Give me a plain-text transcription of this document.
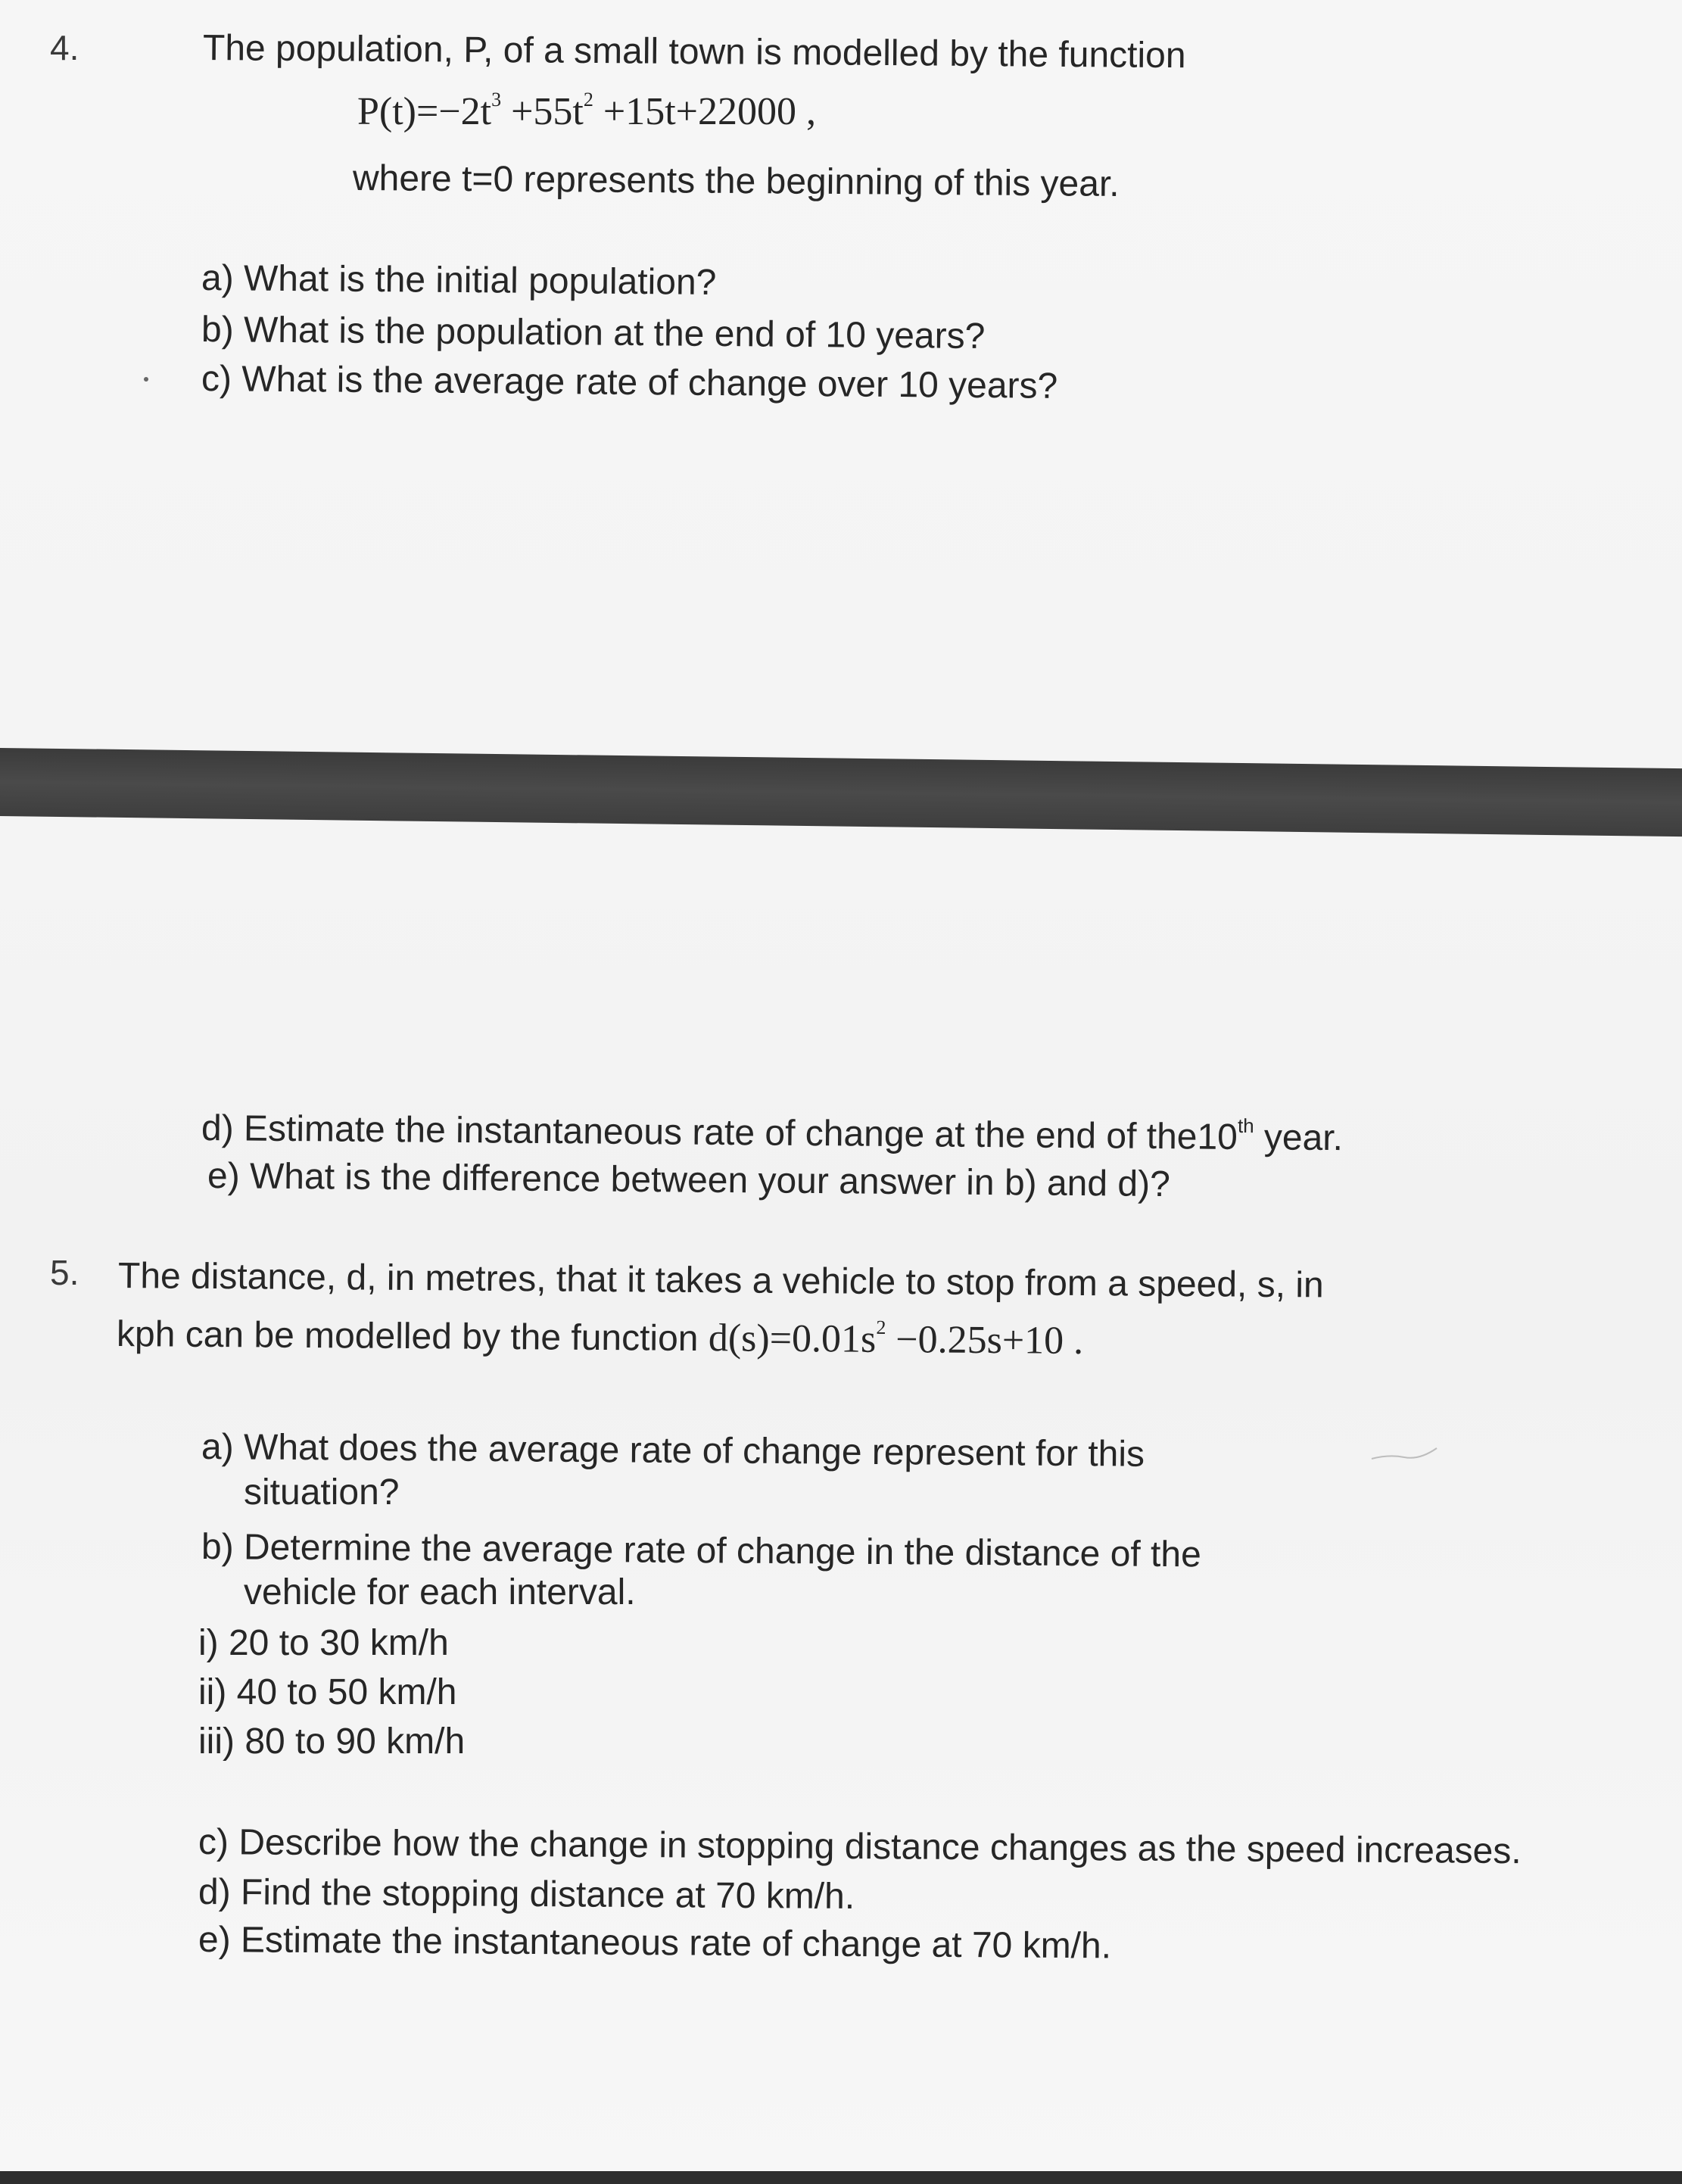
4.	The population, P, of a small town is modelled by the function
$P(t)=-2t^3 +55t^2 +15t+22000$ ,
where t=0 represents the beginning of this year.
a) What is the initial population?
b) What is the population at the end of 10 years?
c) What is the average rate of change over 10 years?
d) Estimate the instantaneous rate of change at the end of the10th year.
e) What is the difference between your answer in b) and d)?
5. The distance, d, in metres, that it takes a vehicle to stop from a speed, s, in
kph can be modelled by the function $d(s)=0.01s^2 -0.25s+10$ .
a) What does the average rate of change represent for this
situation?
b) Determine the average rate of change in the distance of the
vehicle for each interval.
i) 20 to 30 km/h
ii) 40 to 50 km/h
iii) 80 to 90 km/h
c) Describe how the change in stopping distance changes as the speed increases.
d) Find the stopping distance at 70 km/h.
e) Estimate the instantaneous rate of change at 70 km/h.
